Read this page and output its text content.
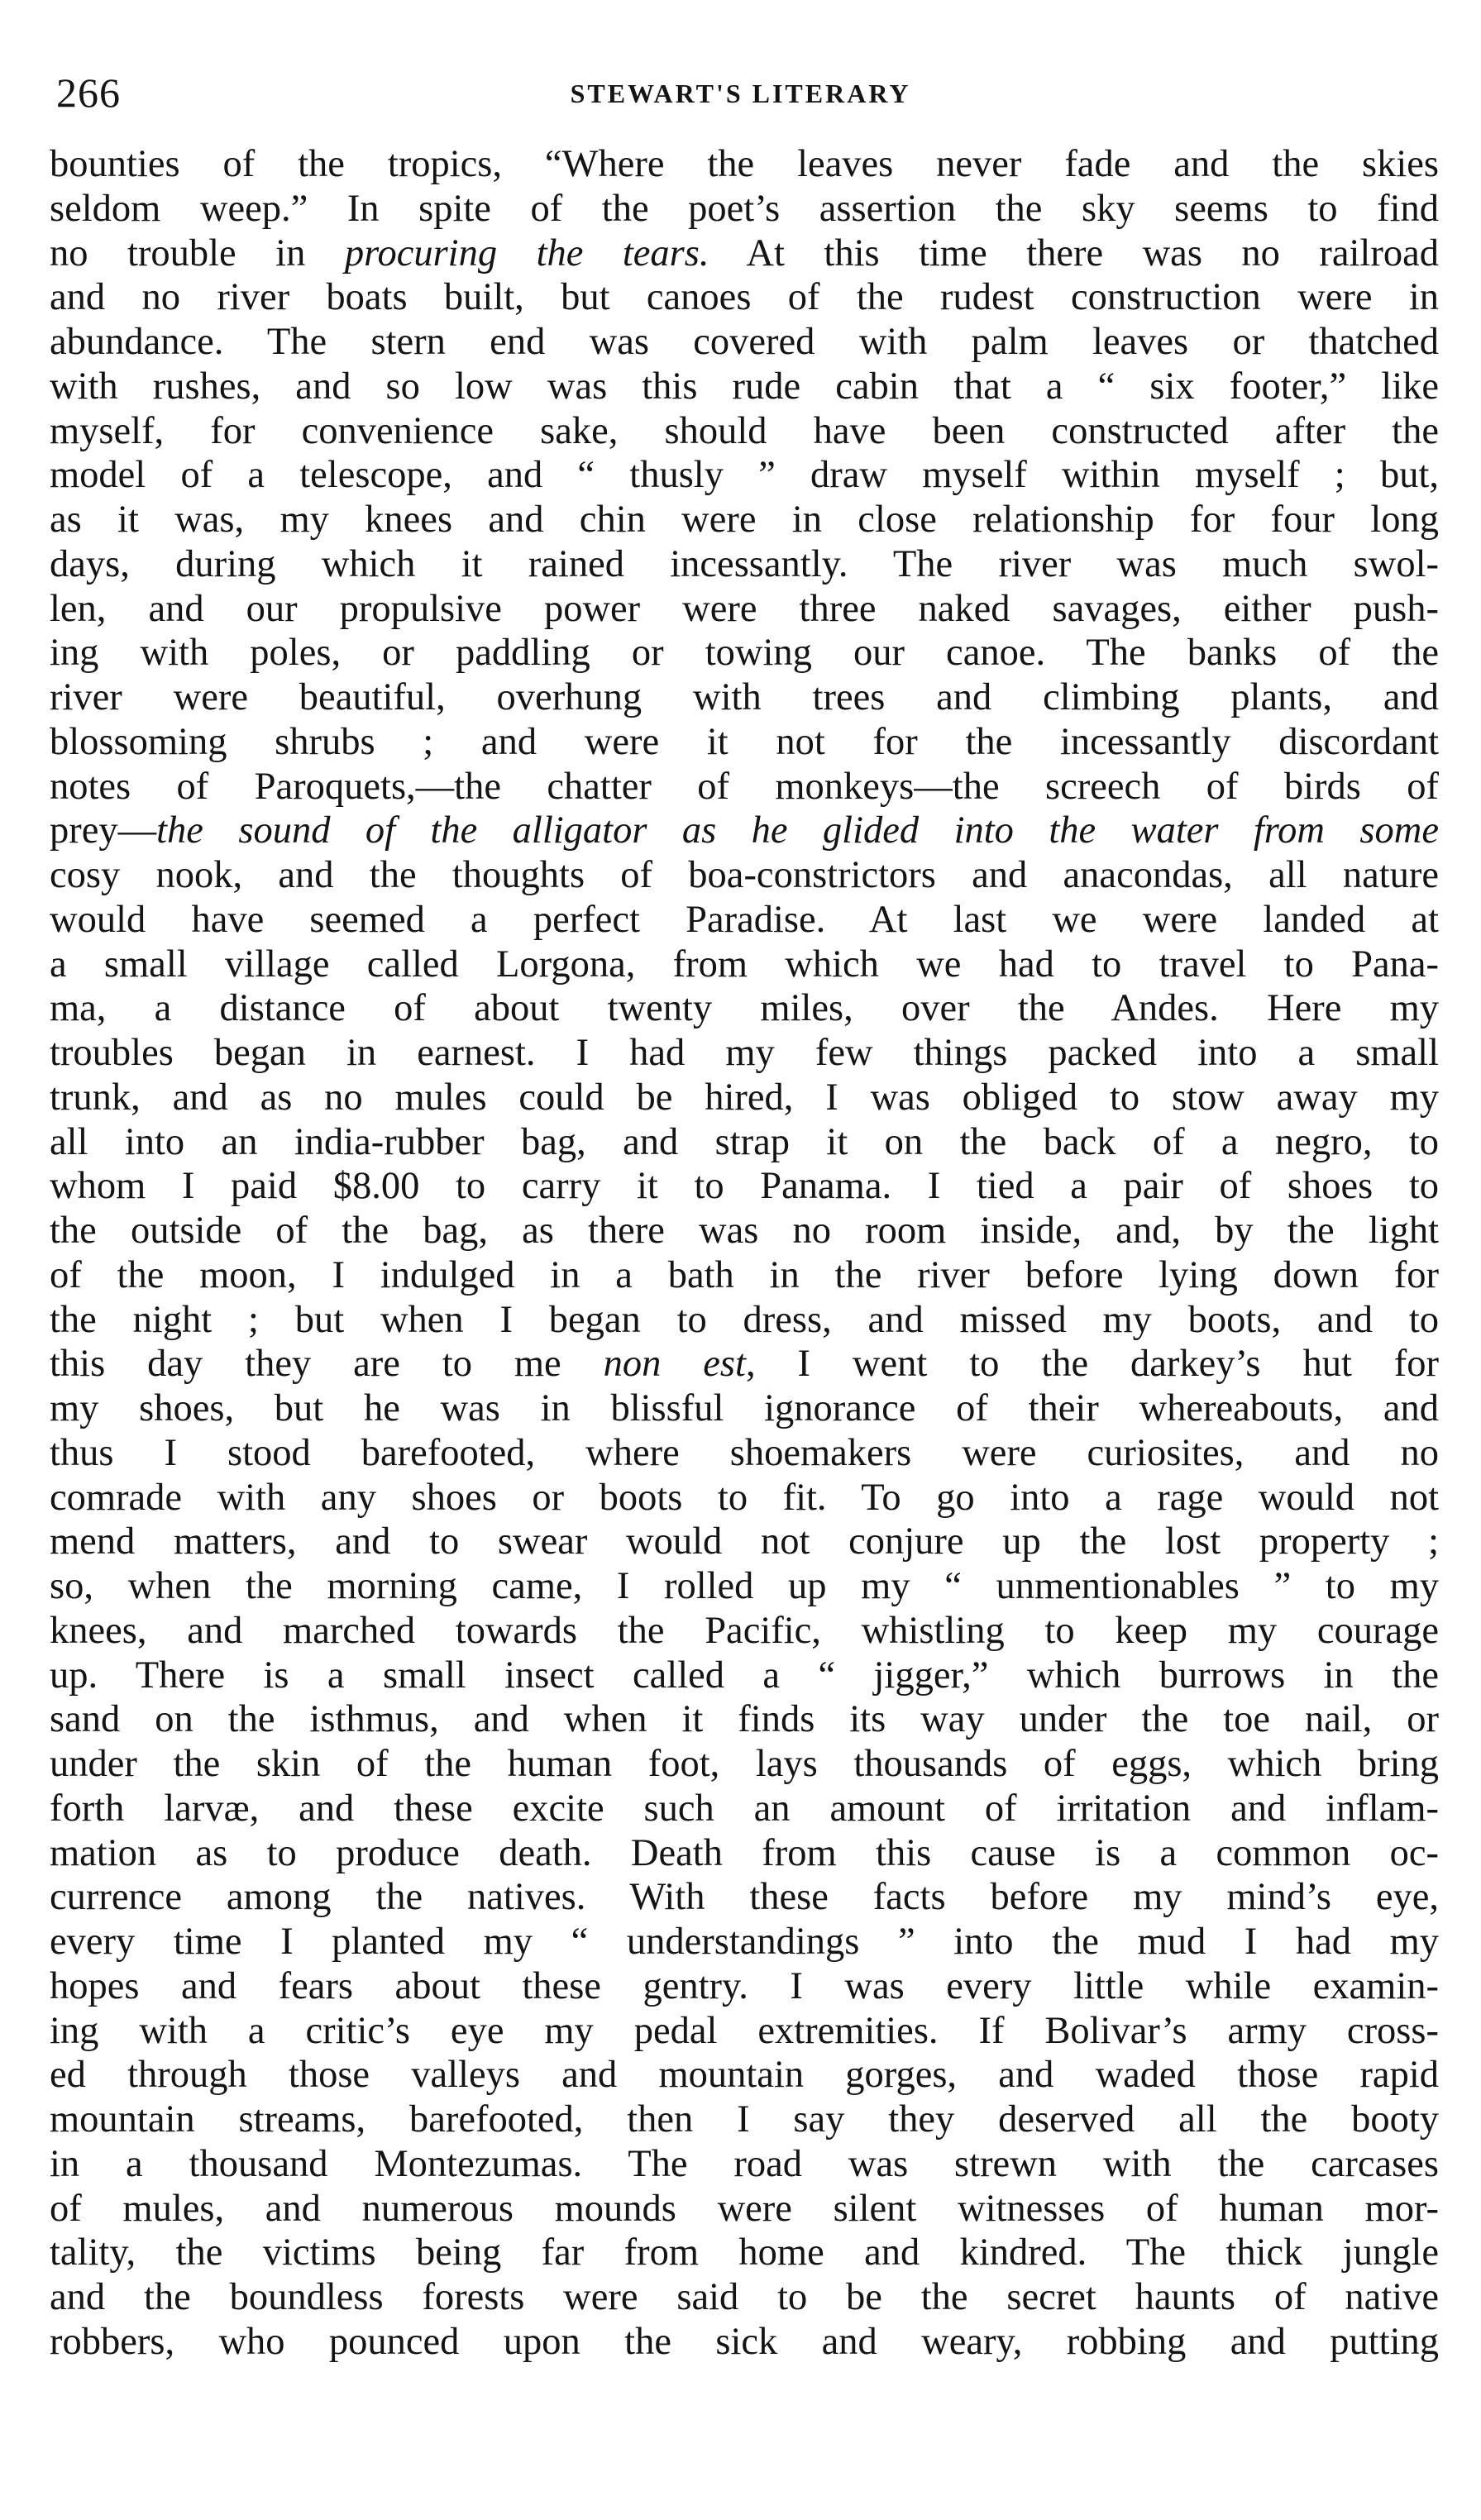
266	STEWART'S LITERARY
bounties of the tropics, “Where the leaves never fade and the skies
seldom weep.” In spite of the poet’s assertion the sky seems to find
no trouble in procuring the tears. At this time there was no railroad
and no river boats built, but canoes of the rudest construction were in
abundance. The stern end was covered with palm leaves or thatched
with rushes, and so low was this rude cabin that a “ six footer,” like
myself, for convenience sake, should have been constructed after the
model of a telescope, and “ thusly ” draw myself within myself ; but,
as it was, my knees and chin were in close relationship for four long
days, during which it rained incessantly. The river was much swol-
len, and our propulsive power were three naked savages, either push-
ing with poles, or paddling or towing our canoe. The banks of the
river were beautiful, overhung with trees and climbing plants, and
blossoming shrubs ; and were it not for the incessantly discordant
notes of Paroquets,—the chatter of monkeys—the screech of birds of
prey—the sound of the alligator as he glided into the water from some
cosy nook, and the thoughts of boa-constrictors and anacondas, all nature
would have seemed a perfect Paradise. At last we were landed at
a small village called Lorgona, from which we had to travel to Pana-
ma, a distance of about twenty miles, over the Andes. Here my
troubles began in earnest. I had my few things packed into a small
trunk, and as no mules could be hired, I was obliged to stow away my
all into an india-rubber bag, and strap it on the back of a negro, to
whom I paid $8.00 to carry it to Panama. I tied a pair of shoes to
the outside of the bag, as there was no room inside, and, by the light
of the moon, I indulged in a bath in the river before lying down for
the night ; but when I began to dress, and missed my boots, and to
this day they are to me non est, I went to the darkey’s hut for
my shoes, but he was in blissful ignorance of their whereabouts, and
thus I stood barefooted, where shoemakers were curiosites, and no
comrade with any shoes or boots to fit. To go into a rage would not
mend matters, and to swear would not conjure up the lost property ;
so, when the morning came, I rolled up my “ unmentionables ” to my
knees, and marched towards the Pacific, whistling to keep my courage
up. There is a small insect called a “ jigger,” which burrows in the
sand on the isthmus, and when it finds its way under the toe nail, or
under the skin of the human foot, lays thousands of eggs, which bring
forth larvæ, and these excite such an amount of irritation and inflam-
mation as to produce death. Death from this cause is a common oc-
currence among the natives. With these facts before my mind’s eye,
every time I planted my “ understandings ” into the mud I had my
hopes and fears about these gentry. I was every little while examin-
ing with a critic’s eye my pedal extremities. If Bolivar’s army cross-
ed through those valleys and mountain gorges, and waded those rapid
mountain streams, barefooted, then I say they deserved all the booty
in a thousand Montezumas. The road was strewn with the carcases
of mules, and numerous mounds were silent witnesses of human mor-
tality, the victims being far from home and kindred. The thick jungle
and the boundless forests were said to be the secret haunts of native
robbers, who pounced upon the sick and weary, robbing and putting
